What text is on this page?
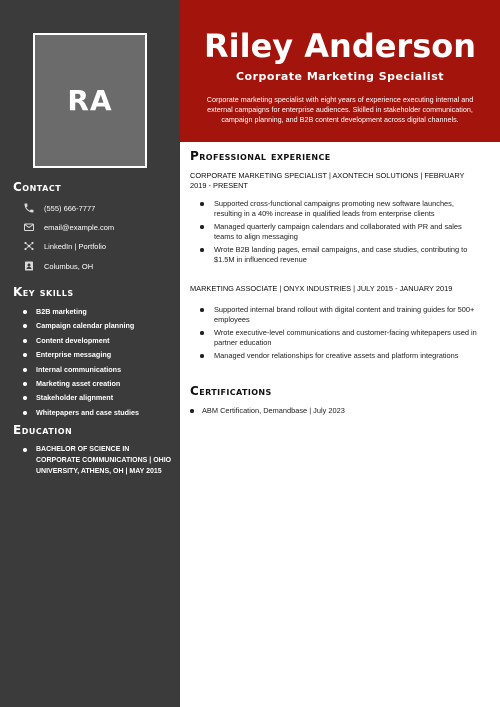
RA
Contact
(555) 666-7777
email@example.com
LinkedIn | Portfolio
Columbus, OH
Key skills
B2B marketing
Campaign calendar planning
Content development
Enterprise messaging
Internal communications
Marketing asset creation
Stakeholder alignment
Whitepapers and case studies
Education
BACHELOR OF SCIENCE IN CORPORATE COMMUNICATIONS | OHIO UNIVERSITY, ATHENS, OH | MAY 2015
Riley Anderson
Corporate Marketing Specialist

Corporate marketing specialist with eight years of experience executing internal and external campaigns for enterprise audiences. Skilled in stakeholder communication, campaign planning, and B2B content development across digital channels.

Professional experience

CORPORATE MARKETING SPECIALIST | AXONTECH SOLUTIONS | FEBRUARY 2019 - PRESENT

Supported cross-functional campaigns promoting new software launches, resulting in a 40% increase in qualified leads from enterprise clients
Managed quarterly campaign calendars and collaborated with PR and sales teams to align messaging
Wrote B2B landing pages, email campaigns, and case studies, contributing to $1.5M in influenced revenue

MARKETING ASSOCIATE | ONYX INDUSTRIES | JULY 2015 - JANUARY 2019

Supported internal brand rollout with digital content and training guides for 500+ employees
Wrote executive-level communications and customer-facing whitepapers used in partner education
Managed vendor relationships for creative assets and platform integrations
Certifications
ABM Certification, Demandbase | July 2023
